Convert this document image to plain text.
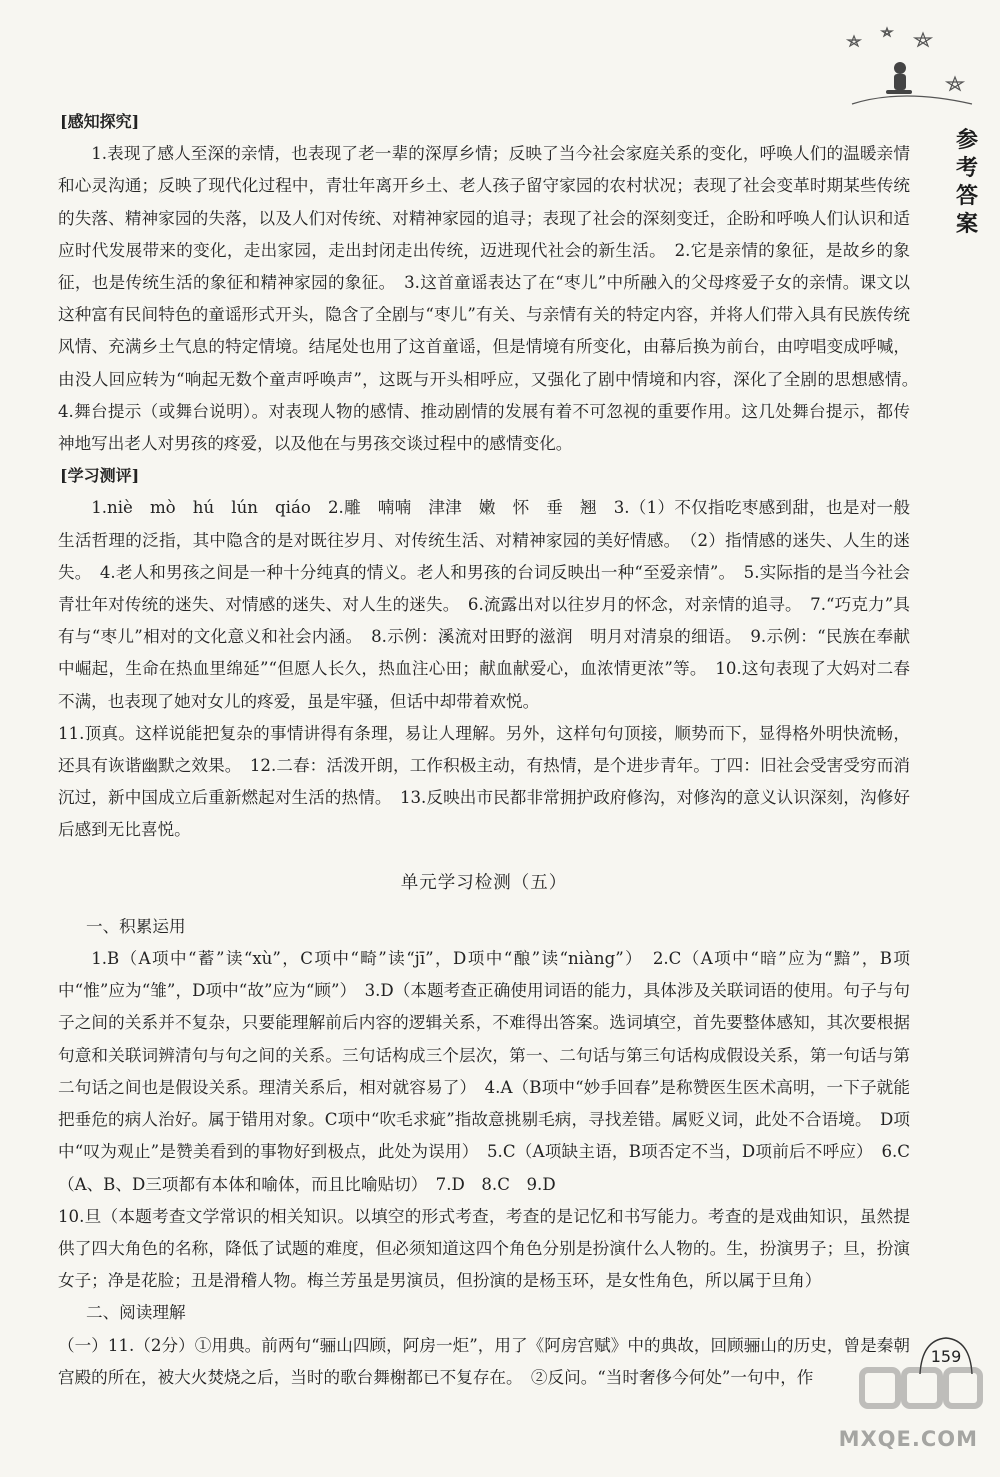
参
考
答
案

[感知探究]

1.表现了感人至深的亲情，也表现了老一辈的深厚乡情；反映了当今社会家庭关系的变化，呼唤人们的温暖亲情和心灵沟通；反映了现代化过程中，青壮年离开乡土、老人孩子留守家园的农村状况；表现了社会变革时期某些传统的失落、精神家园的失落，以及人们对传统、对精神家园的追寻；表现了社会的深刻变迁，企盼和呼唤人们认识和适应时代发展带来的变化，走出家园，走出封闭走出传统，迈进现代社会的新生活。　2.它是亲情的象征，是故乡的象征，也是传统生活的象征和精神家园的象征。　3.这首童谣表达了在“枣儿”中所融入的父母疼爱子女的亲情。课文以这种富有民间特色的童谣形式开头，隐含了全剧与“枣儿”有关、与亲情有关的特定内容，并将人们带入具有民族传统风情、充满乡土气息的特定情境。结尾处也用了这首童谣，但是情境有所变化，由幕后换为前台，由哼唱变成呼喊，由没人回应转为“响起无数个童声呼唤声”，这既与开头相呼应，又强化了剧中情境和内容，深化了全剧的思想感情。　4.舞台提示（或舞台说明）。对表现人物的感情、推动剧情的发展有着不可忽视的重要作用。这几处舞台提示，都传神地写出老人对男孩的疼爱，以及他在与男孩交谈过程中的感情变化。

[学习测评]

1.niè　mò　hú　lún　qiáo　2.雕　喃喃　津津　嫩　怀　垂　翘　3.（1）不仅指吃枣感到甜，也是对一般生活哲理的泛指，其中隐含的是对既往岁月、对传统生活、对精神家园的美好情感。　（2）指情感的迷失、人生的迷失。　4.老人和男孩之间是一种十分纯真的情义。老人和男孩的台词反映出一种“至爱亲情”。　5.实际指的是当今社会青壮年对传统的迷失、对情感的迷失、对人生的迷失。　6.流露出对以往岁月的怀念，对亲情的追寻。　7.“巧克力”具有与“枣儿”相对的文化意义和社会内涵。　8.示例：溪流对田野的滋润　明月对清泉的细语。　9.示例：“民族在奉献中崛起，生命在热血里绵延”“但愿人长久，热血注心田；献血献爱心，血浓情更浓”等。　10.这句表现了大妈对二春不满，也表现了她对女儿的疼爱，虽是牢骚，但话中却带着欢悦。

11.顶真。这样说能把复杂的事情讲得有条理，易让人理解。另外，这样句句顶接，顺势而下，显得格外明快流畅，还具有诙谐幽默之效果。　12.二春：活泼开朗，工作积极主动，有热情，是个进步青年。丁四：旧社会受害受穷而消沉过，新中国成立后重新燃起对生活的热情。　13.反映出市民都非常拥护政府修沟，对修沟的意义认识深刻，沟修好后感到无比喜悦。

单元学习检测（五）

一、积累运用

1.B（A项中“蓄”读“xù”，C项中“畸”读“jī”，D项中“酿”读“niàng”）　2.C（A项中“暗”应为“黯”，B项中“惟”应为“雏”，D项中“故”应为“顾”）　3.D（本题考查正确使用词语的能力，具体涉及关联词语的使用。句子与句子之间的关系并不复杂，只要能理解前后内容的逻辑关系，不难得出答案。选词填空，首先要整体感知，其次要根据句意和关联词辨清句与句之间的关系。三句话构成三个层次，第一、二句话与第三句话构成假设关系，第一句话与第二句话之间也是假设关系。理清关系后，相对就容易了）　4.A（B项中“妙手回春”是称赞医生医术高明，一下子就能把垂危的病人治好。属于错用对象。C项中“吹毛求疵”指故意挑剔毛病，寻找差错。属贬义词，此处不合语境。　D项中“叹为观止”是赞美看到的事物好到极点，此处为误用）　5.C（A项缺主语，B项否定不当，D项前后不呼应）　6.C（A、B、D三项都有本体和喻体，而且比喻贴切）　7.D　8.C　9.D

10.旦（本题考查文学常识的相关知识。以填空的形式考查，考查的是记忆和书写能力。考查的是戏曲知识，虽然提供了四大角色的名称，降低了试题的难度，但必须知道这四个角色分别是扮演什么人物的。生，扮演男子；旦，扮演女子；净是花脸；丑是滑稽人物。梅兰芳虽是男演员，但扮演的是杨玉环，是女性角色，所以属于旦角）

二、阅读理解

（一）11.（2分）①用典。前两句“骊山四顾，阿房一炬”，用了《阿房宫赋》中的典故，回顾骊山的历史，曾是秦朝宫殿的所在，被大火焚烧之后，当时的歌台舞榭都已不复存在。　②反问。“当时奢侈今何处”一句中，作

159
MXQE.COM
